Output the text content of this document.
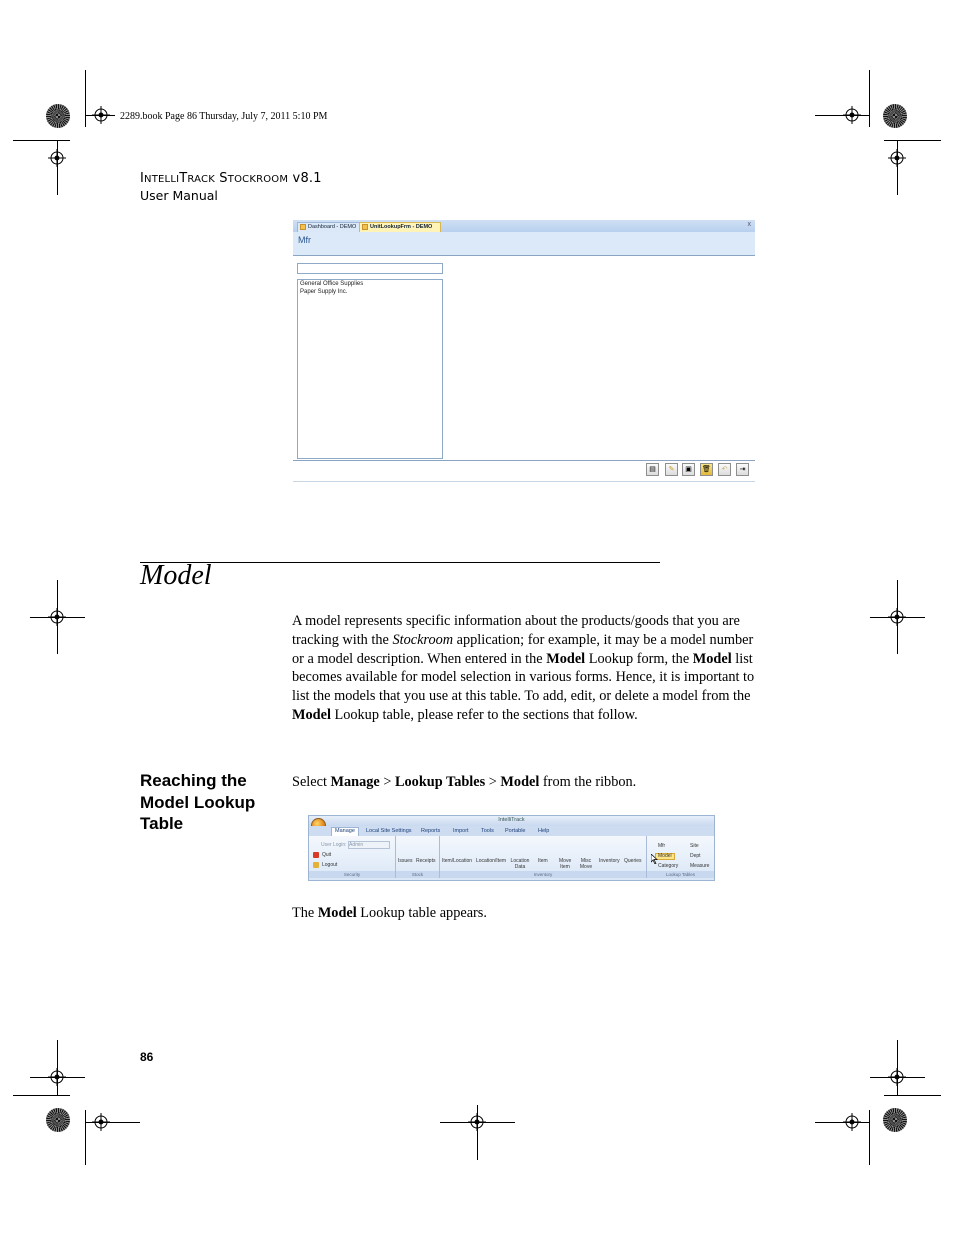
2289.book Page 86 Thursday, July 7, 2011 5:10 PM
INTELLITRACK STOCKROOM v8.1
User Manual
Dashboard - DEMO	UnitLookupFrm - DEMO	x
Mfr
General Office Supplies
Paper Supply Inc.
▤	✎	▣	🗑	↶	⇥
Model
A model represents specific information about the products/goods that you are tracking with the Stockroom application; for example, it may be a model number or a model description. When entered in the Model Lookup form, the Model list becomes available for model selection in various forms. Hence, it is important to list the models that you use at this table. To add, edit, or delete a model from the Model Lookup table, please refer to the sections that follow.
Reaching the Model Lookup Table
Select Manage > Lookup Tables > Model from the ribbon.
IntelliTrack
Manage	Local Site Settings Reports Import Tools Portable Help
User Login: Admin
Quit
Logout
Issues Receipts Item/Location Location/Item Location Data
Item Move Item
Misc Move
Inventory Queries
Mfr
Model
Category
Site
Dept
Measure
Security	Stock	Inventory	Lookup Tables
The Model Lookup table appears.
86
